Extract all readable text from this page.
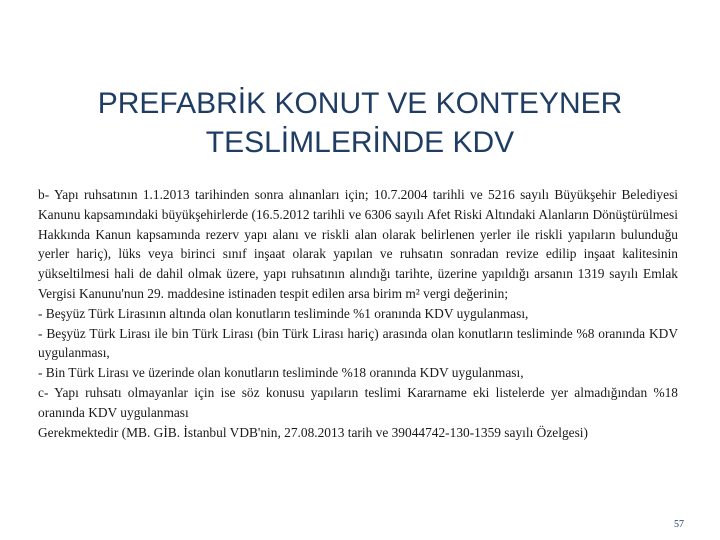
PREFABRİK KONUT VE KONTEYNER
TESLİMLERİNDE KDV

b- Yapı ruhsatının 1.1.2013 tarihinden sonra alınanları için; 10.7.2004 tarihli ve 5216 sayılı Büyükşehir Belediyesi Kanunu kapsamındaki büyükşehirlerde (16.5.2012 tarihli ve 6306 sayılı Afet Riski Altındaki Alanların Dönüştürülmesi Hakkında Kanun kapsamında rezerv yapı alanı ve riskli alan olarak belirlenen yerler ile riskli yapıların bulunduğu yerler hariç), lüks veya birinci sınıf inşaat olarak yapılan ve ruhsatın sonradan revize edilip inşaat kalitesinin yükseltilmesi hali de dahil olmak üzere, yapı ruhsatının alındığı tarihte, üzerine yapıldığı arsanın 1319 sayılı Emlak Vergisi Kanunu'nun 29. maddesine istinaden tespit edilen arsa birim m² vergi değerinin;

- Beşyüz Türk Lirasının altında olan konutların tesliminde %1 oranında KDV uygulanması,

- Beşyüz Türk Lirası ile bin Türk Lirası (bin Türk Lirası hariç) arasında olan konutların tesliminde %8 oranında KDV uygulanması,

- Bin Türk Lirası ve üzerinde olan konutların tesliminde %18 oranında KDV uygulanması,

c- Yapı ruhsatı olmayanlar için ise söz konusu yapıların teslimi Kararname eki listelerde yer almadığından %18 oranında KDV uygulanması

Gerekmektedir (MB. GİB. İstanbul VDB'nin, 27.08.2013 tarih ve 39044742-130-1359 sayılı Özelgesi)

57
